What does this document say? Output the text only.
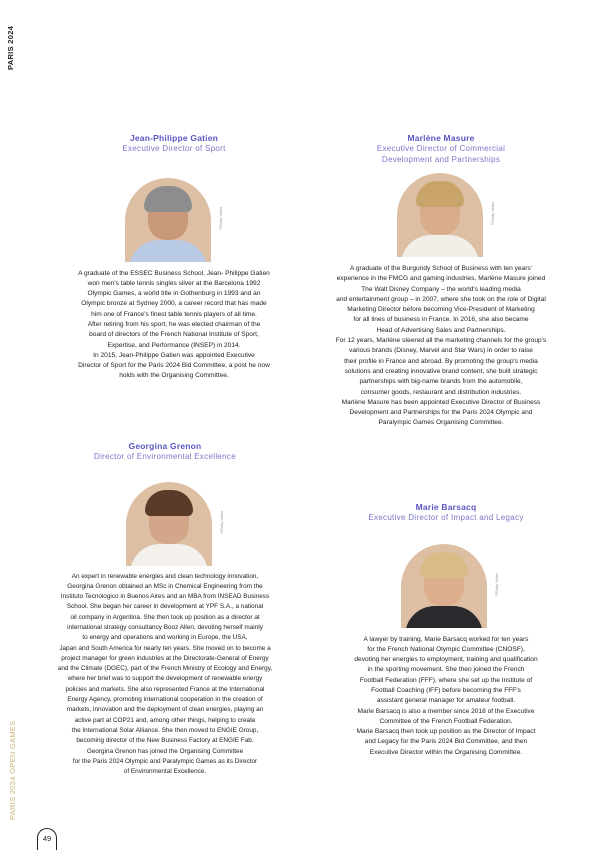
PARIS 2024
PARIS 2024 OPEN GAMES
49
Jean-Philippe Gatien
Executive Director of Sport
©Rudy Waks
A graduate of the ESSEC Business School, Jean- Philippe Gatien
won men's table tennis singles silver at the Barcelona 1992
Olympic Games, a world title in Gothenburg in 1993 and an
Olympic bronze at Sydney 2000, a career record that has made
him one of France's finest table tennis players of all time.
After retiring from his sport, he was elected chairman of the
board of directors of the French National Institute of Sport,
Expertise, and Performance (INSEP) in 2014.
In 2015, Jean-Philippe Gatien was appointed Executive
Director of Sport for the Paris 2024 Bid Committee, a post he now
holds with the Organising Committee.
Marlène Masure
Executive Director of Commercial
Development and Partnerships
©Rudy Waks
A graduate of the Burgundy School of Business with ten years'
experience in the FMCG and gaming industries, Marlène Masure joined
The Walt Disney Company – the world's leading media
and entertainment group – in 2007, where she took on the role of Digital
Marketing Director before becoming Vice-President of Marketing
for all lines of business in France. In 2016, she also became
Head of Advertising Sales and Partnerships.
For 12 years, Marlène steered all the marketing channels for the group's
various brands (Disney, Marvel and Star Wars) in order to raise
their profile in France and abroad. By promoting the group's media
solutions and creating innovative brand content, she built strategic
partnerships with big-name brands from the automobile,
consumer goods, restaurant and distribution industries.
Marlène Masure has been appointed Executive Director of Business
Development and Partnerships for the Paris 2024 Olympic and
Paralympic Games Organising Committee.
Georgina Grenon
Director of Environmental Excellence
©Rudy Waks
An expert in renewable energies and clean technology innovation,
Georgina Grenon obtained an MSc in Chemical Engineering from the
Instituto Tecnologico in Buenos Aires and an MBA from INSEAD Business
School. She began her career in development at YPF S.A., a national
oil company in Argentina. She then took up position as a director at
international strategy consultancy Booz Allen, devoting herself mainly
to energy and operations and working in Europe, the USA,
Japan and South America for nearly ten years. She moved on to become a
project manager for green industries at the Directorate-General of Energy
and the Climate (DGEC), part of the French Ministry of Ecology and Energy,
where her brief was to support the development of renewable energy
policies and markets. She also represented France at the International
Energy Agency, promoting international cooperation in the creation of
markets, innovation and the deployment of clean energies, playing an
active part at COP21 and, among other things, helping to create
the International Solar Alliance. She then moved to ENGIE Group,
becoming director of the New Business Factory at ENGIE Fab.
Georgina Grenon has joined the Organising Committee
for the Paris 2024 Olympic and Paralympic Games as its Director
of Environmental Excellence.
Marie Barsacq
Executive Director of Impact and Legacy
©Rudy Waks
A lawyer by training, Marie Barsacq worked for ten years
for the French National Olympic Committee (CNOSF),
devoting her energies to employment, training and qualification
in the sporting movement. She then joined the French
Football Federation (FFF), where she set up the Institute of
Football Coaching (IFF) before becoming the FFF's
assistant general manager for amateur football.
Marie Barsacq is also a member since 2018 of the Executive
Committee of the French Football Federation.
Marie Barsacq then took up position as the Director of Impact
and Legacy for the Paris 2024 Bid Committee, and then
Executive Director within the Organising Committee.
